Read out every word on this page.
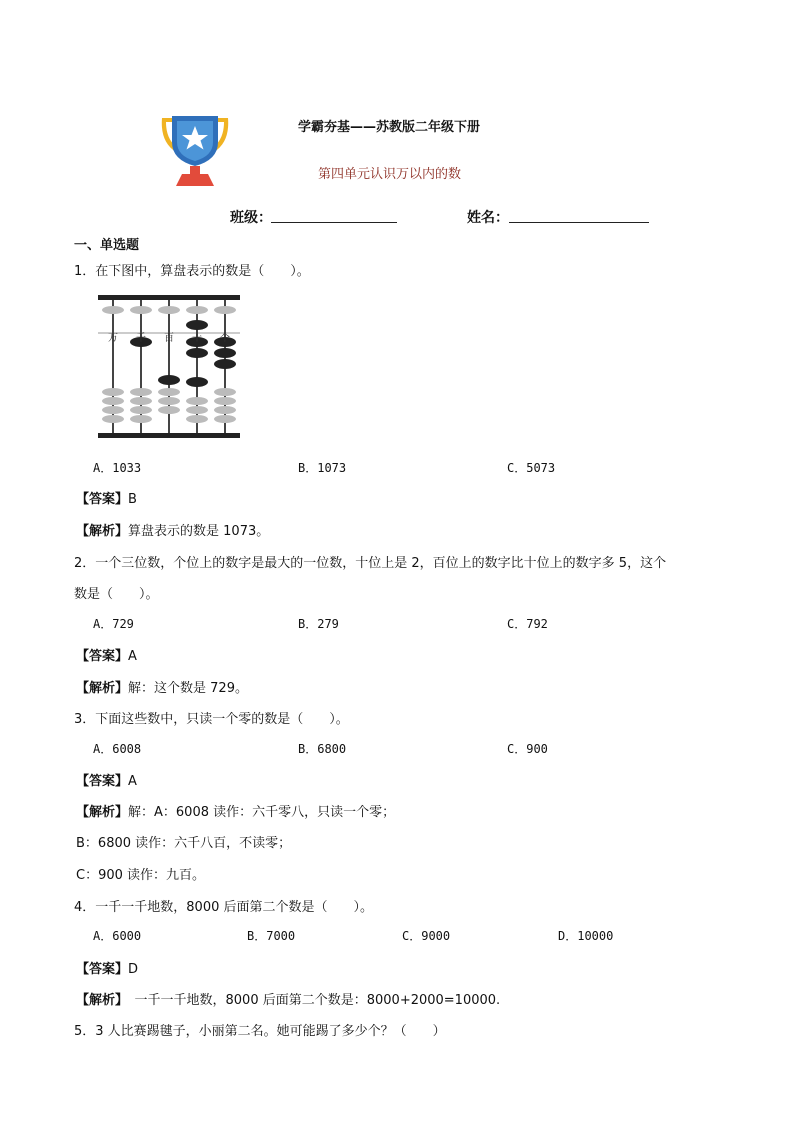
学霸夯基——苏教版二年级下册
第四单元认识万以内的数
班级：	姓名：
一、单选题
1．在下图中，算盘表示的数是（　　）。
万 千 百 十 个
A．1033	B．1073	C．5073
【答案】B
【解析】算盘表示的数是 1073。
2．一个三位数，个位上的数字是最大的一位数，十位上是 2，百位上的数字比十位上的数字多 5，这个
数是（　　）。
A．729	B．279	C．792
【答案】A
【解析】解：这个数是 729。
3．下面这些数中，只读一个零的数是（　　）。
A．6008	B．6800	C．900
【答案】A
【解析】解：A：6008 读作：六千零八，只读一个零；
B：6800 读作：六千八百，不读零；
C：900 读作：九百。
4．一千一千地数，8000 后面第二个数是（　　）。
A．6000	B．7000	C．9000	D．10000
【答案】D
【解析】　一千一千地数，8000 后面第二个数是：8000+2000=10000.
5．3 人比赛踢毽子，小丽第二名。她可能踢了多少个？（　　）
